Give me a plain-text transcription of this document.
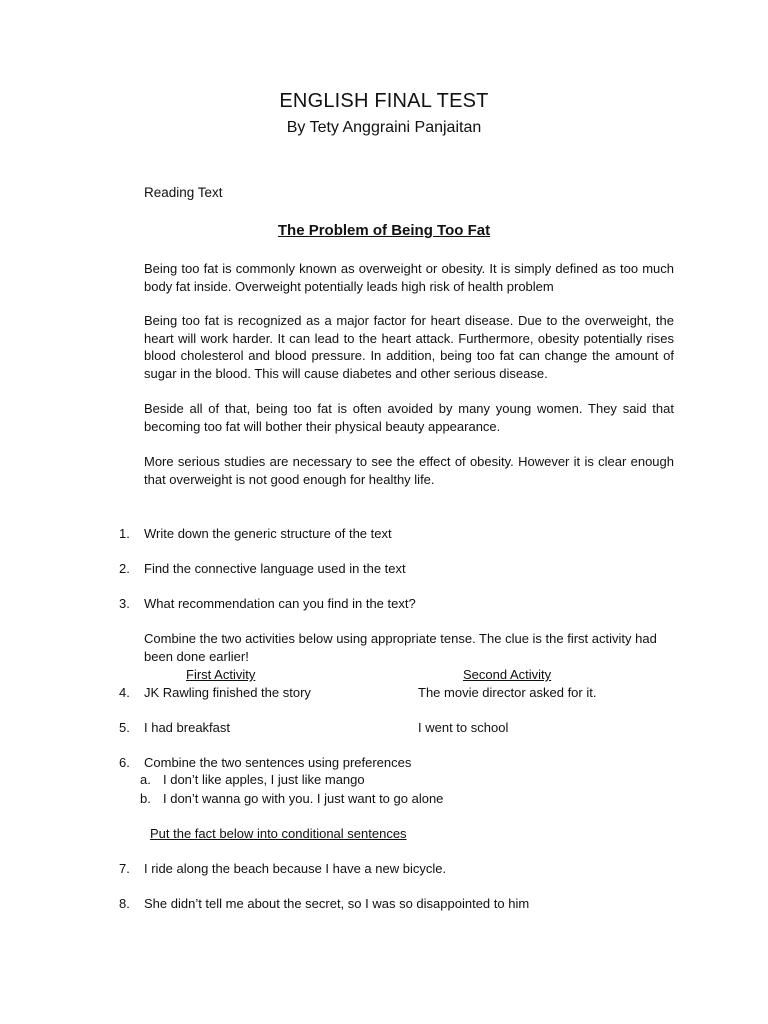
ENGLISH FINAL TEST
By Tety Anggraini Panjaitan
Reading Text
The Problem of Being Too Fat
Being too fat is commonly known as overweight or obesity. It is simply defined as too much body fat inside. Overweight potentially leads high risk of health problem
Being too fat is recognized as a major factor for heart disease. Due to the overweight, the heart will work harder. It can lead to the heart attack. Furthermore, obesity potentially rises blood cholesterol and blood pressure. In addition, being too fat can change the amount of sugar in the blood. This will cause diabetes and other serious disease.
Beside all of that, being too fat is often avoided by many young women. They said that becoming too fat will bother their physical beauty appearance.
More serious studies are necessary to see the effect of obesity. However it is clear enough that overweight is not good enough for healthy life.
1. Write down the generic structure of the text
2. Find the connective language used in the text
3. What recommendation can you find in the text?
Combine the two activities below using appropriate tense. The clue is the first activity had been done earlier!
First Activity	Second Activity
4. JK Rawling finished the story	The movie director asked for it.
5. I had breakfast	I went to school
6. Combine the two sentences using preferences
a. I don’t like apples, I just like mango
b. I don’t wanna go with you. I just want to go alone
Put the fact below into conditional sentences
7. I ride along the beach because I have a new bicycle.
8. She didn’t tell me about the secret, so I was so disappointed to him
